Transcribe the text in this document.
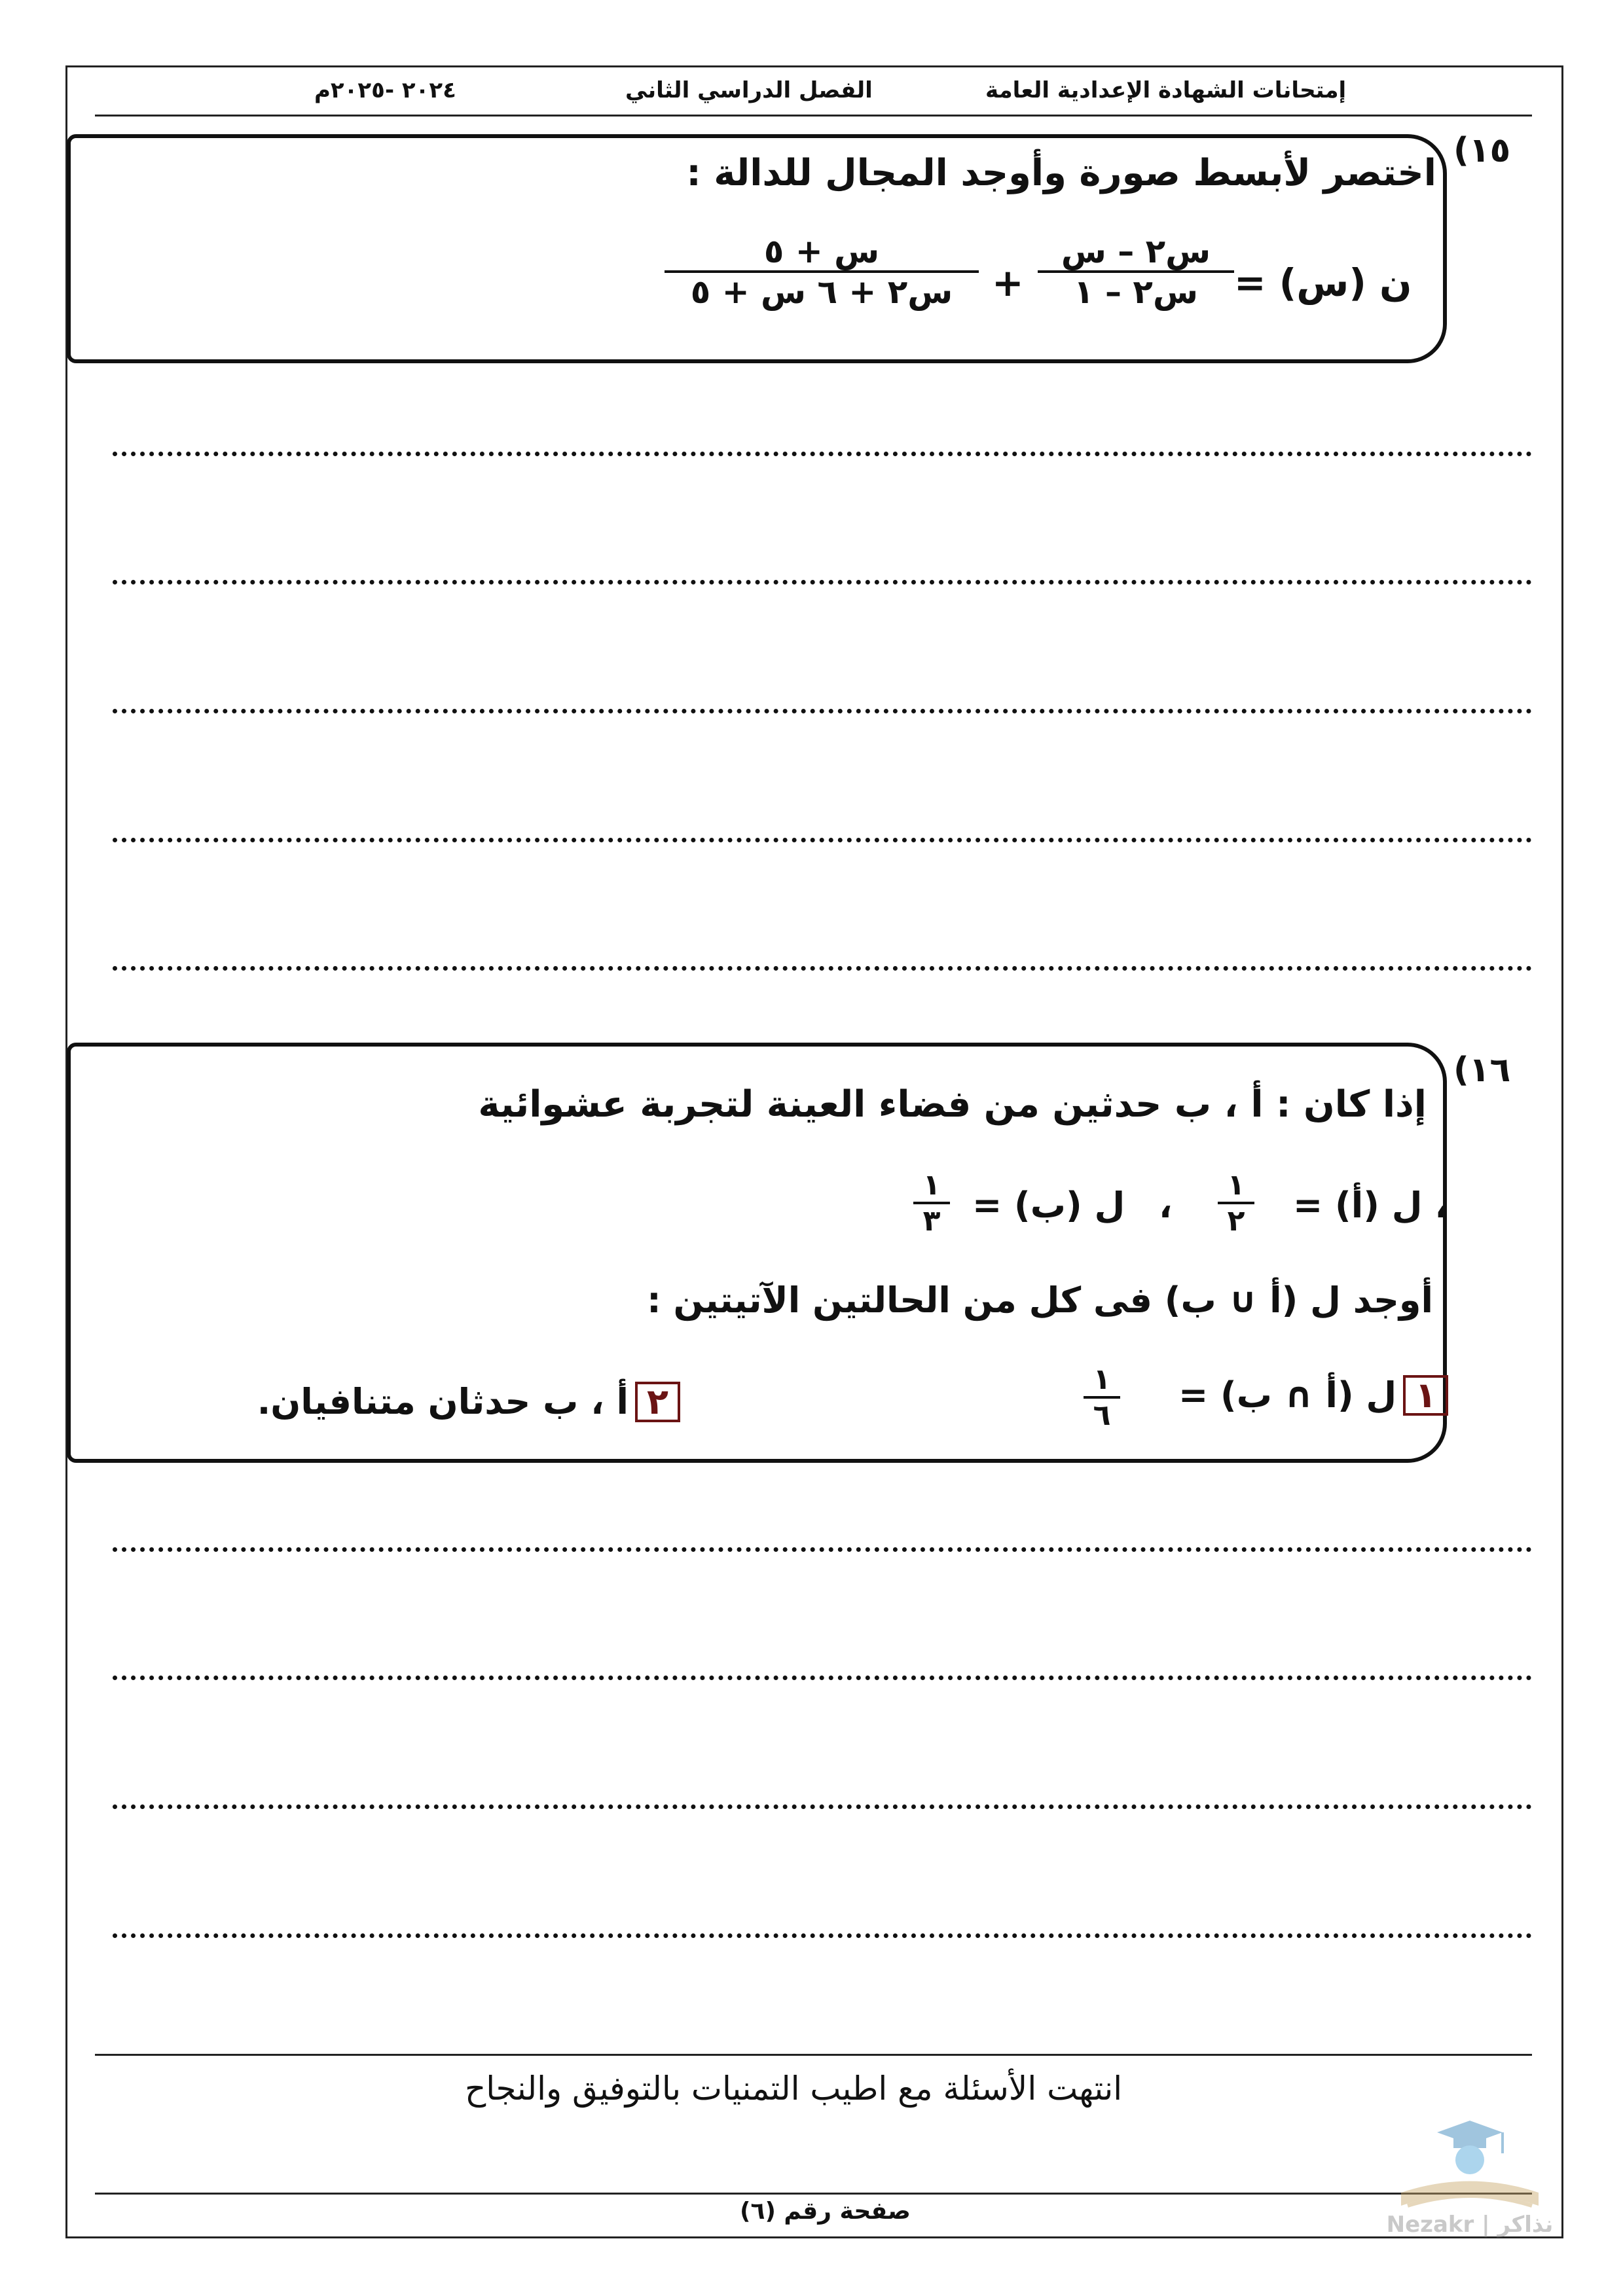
إمتحانات الشهادة الإعدادية العامة
الفصل الدراسي الثاني
٢٠٢٤ -٢٠٢٥م
١٥)
اختصر لأبسط صورة وأوجد المجال للدالة :
ن (س) =
س٢ – س
س٢ – ١
+
س + ٥
س٢ + ٦ س + ٥
١٦)
إذا كان : أ ، ب حدثين من فضاء العينة لتجربة عشوائية
، ل (أ) =
١
٢
،
ل (ب) =
١
٣
أوجد ل (أ ∪ ب) فى كل من الحالتين الآتيتين :
١ل (أ ∩ ب) =
١
٦
٢أ ، ب حدثان متنافيان.
انتهت الأسئلة مع اطيب التمنيات بالتوفيق والنجاح
صفحة رقم (٦)	Nezakr | نذاكر
